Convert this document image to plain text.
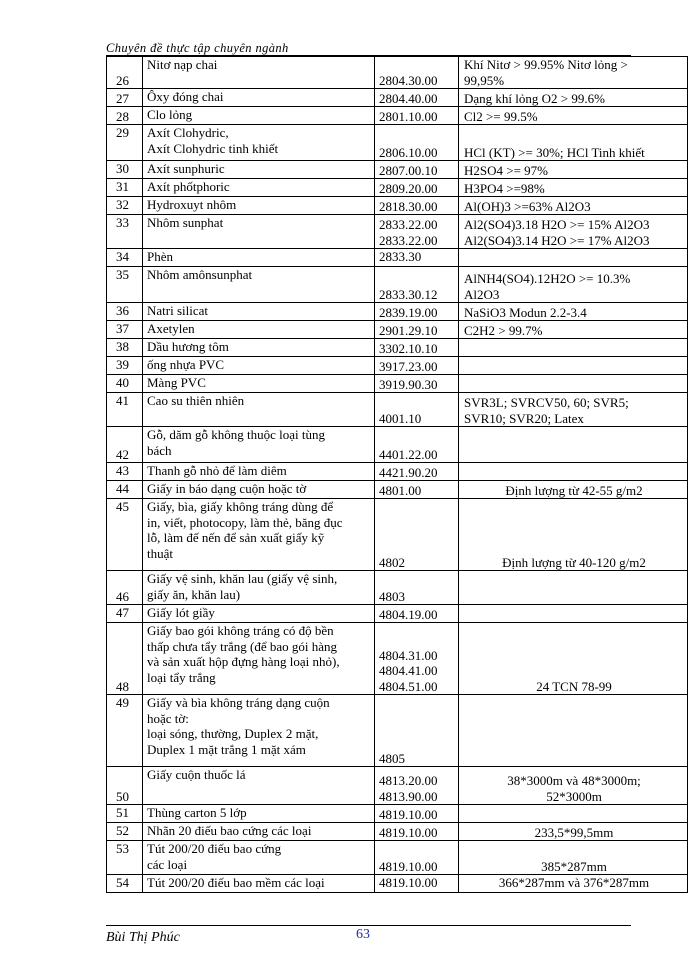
Chuyên đề thực tập chuyên ngành
26	Nitơ nạp chai	2804.30.00	Khí Nitơ > 99.95% Nitơ lỏng >
99,95%

27	Ôxy đóng chai	2804.40.00	Dạng khí lỏng O2 > 99.6%

28	Clo lỏng	2801.10.00	Cl2 >= 99.5%

29	Axít Clohydric,
Axít Clohydric tinh khiết	2806.10.00	HCl (KT) >= 30%; HCl Tinh khiết

30	Axít sunphuric	2807.00.10	H2SO4 >= 97%

31	Axít phốtphoric	2809.20.00	H3PO4 >=98%

32	Hydroxuyt nhôm	2818.30.00	Al(OH)3 >=63% Al2O3

33	Nhôm sunphat	2833.22.00
2833.22.00	Al2(SO4)3.18 H2O >= 15% Al2O3
Al2(SO4)3.14 H2O >= 17% Al2O3

34	Phèn	2833.30	

35	Nhôm amônsunphat	2833.30.12	AlNH4(SO4).12H2O >= 10.3%
Al2O3

36	Natri silicat	2839.19.00	NaSiO3 Modun 2.2-3.4

37	Axetylen	2901.29.10	C2H2 > 99.7%

38	Dầu hương tôm	3302.10.10	

39	ống nhựa PVC	3917.23.00	

40	Màng PVC	3919.90.30	

41	Cao su thiên nhiên	4001.10	SVR3L; SVRCV50, 60; SVR5;
SVR10; SVR20; Latex

42	Gỗ, dăm gỗ không thuộc loại tùng
bách	4401.22.00	

43	Thanh gỗ nhỏ để làm diêm	4421.90.20	

44	Giấy in báo dạng cuộn hoặc tờ	4801.00	Định lượng từ 42-55 g/m2

45	Giấy, bìa, giấy không tráng dùng để
in, viết, photocopy, làm thẻ, băng đục
lỗ, làm đế nến để sản xuất giấy kỹ
thuật	4802	Định lượng từ 40-120 g/m2

46	Giấy vệ sinh, khăn lau (giấy vệ sinh,
giấy ăn, khăn lau)	4803	

47	Giấy lót giầy	4804.19.00	

48	Giấy bao gói không tráng có độ bền
thấp chưa tẩy trắng (để bao gói hàng
và sản xuất hộp đựng hàng loại nhỏ),
loại tẩy trắng	4804.31.00
4804.41.00
4804.51.00	24 TCN 78-99

49	Giấy và bìa không tráng dạng cuộn
hoặc tờ:
loại sóng, thường, Duplex 2 mặt,
Duplex 1 mặt trắng 1 mặt xám	4805	

50	Giấy cuộn thuốc lá	4813.20.00
4813.90.00	38*3000m và 48*3000m;
52*3000m

51	Thùng carton 5 lớp	4819.10.00	

52	Nhãn 20 điếu bao cứng các loại	4819.10.00	233,5*99,5mm

53	Tút 200/20 điếu bao cứng
các loại	4819.10.00	385*287mm

54	Tút 200/20 điếu bao mềm các loại	4819.10.00	366*287mm và 376*287mm
Bùi Thị Phúc	63
